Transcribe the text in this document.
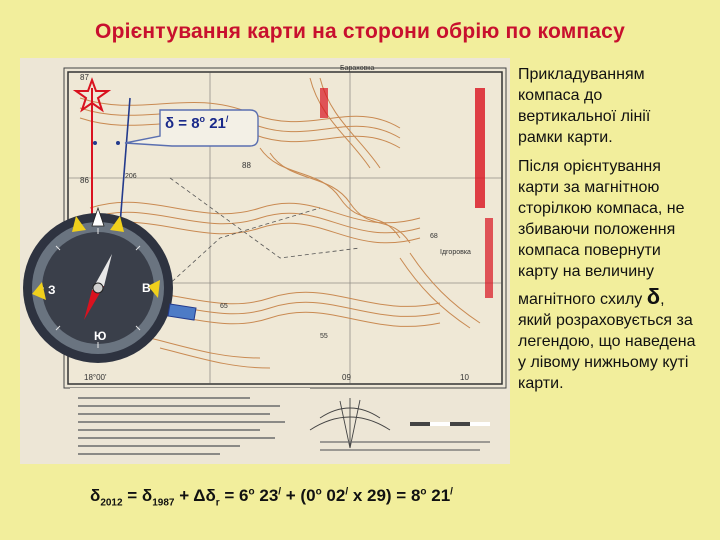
Орієнтування карти на сторони обрію по компасу
87
86
88
18°00'	09	10
206
68
65
55
Бараховка
Ідгоровка
З	В
Ю
$\delta = 8^о$ 21/

Прикладуванням компаса до вертикальної лінії рамки карти.

Після орієнтування карти за магнітною сторілкою компаса, не збиваючи положення компаса повернути карту на величину

магнітного схилу δ, який розраховується за легендою, що наведена у лівому нижньому куті карти.

$\delta_{2012} = \delta_{1987} + \Delta\delta_r = 6^о$ $23^/ + (0^о$ 02/ x $29) = 8^о$ 21/
